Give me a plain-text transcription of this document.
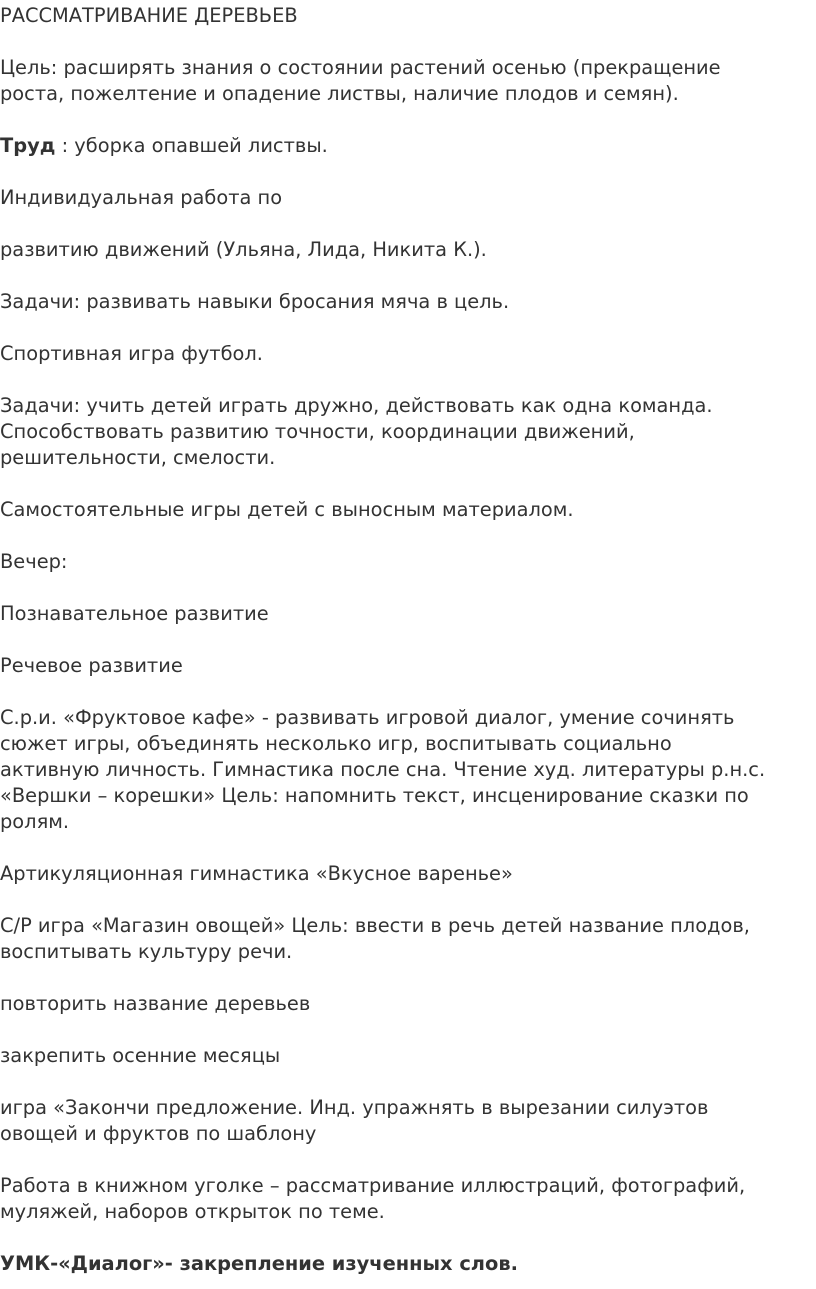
РАССМАТРИВАНИЕ ДЕРЕВЬЕВ
Цель: расширять знания о состоянии растений осенью (прекращение
роста, пожелтение и опадение листвы, наличие плодов и семян).
Труд : уборка опавшей листвы.
Индивидуальная работа по
развитию движений (Ульяна, Лида, Никита К.).
Задачи: развивать навыки бросания мяча в цель.
Спортивная игра футбол.
Задачи: учить детей играть дружно, действовать как одна команда.
Способствовать развитию точности, координации движений,
решительности, смелости.
Самостоятельные игры детей с выносным материалом.
Вечер:
Познавательное развитие
Речевое развитие
С.р.и. «Фруктовое кафе» - развивать игровой диалог, умение сочинять
сюжет игры, объединять несколько игр, воспитывать социально
активную личность. Гимнастика после сна. Чтение худ. литературы р.н.с.
«Вершки – корешки» Цель: напомнить текст, инсценирование сказки по
ролям.
Артикуляционная гимнастика «Вкусное варенье»
С/Р игра «Магазин овощей» Цель: ввести в речь детей название плодов,
воспитывать культуру речи.
повторить название деревьев
закрепить осенние месяцы
игра «Закончи предложение. Инд. упражнять в вырезании силуэтов
овощей и фруктов по шаблону
Работа в книжном уголке – рассматривание иллюстраций, фотографий,
муляжей, наборов открыток по теме.
УМК-«Диалог»- закрепление изученных слов.
